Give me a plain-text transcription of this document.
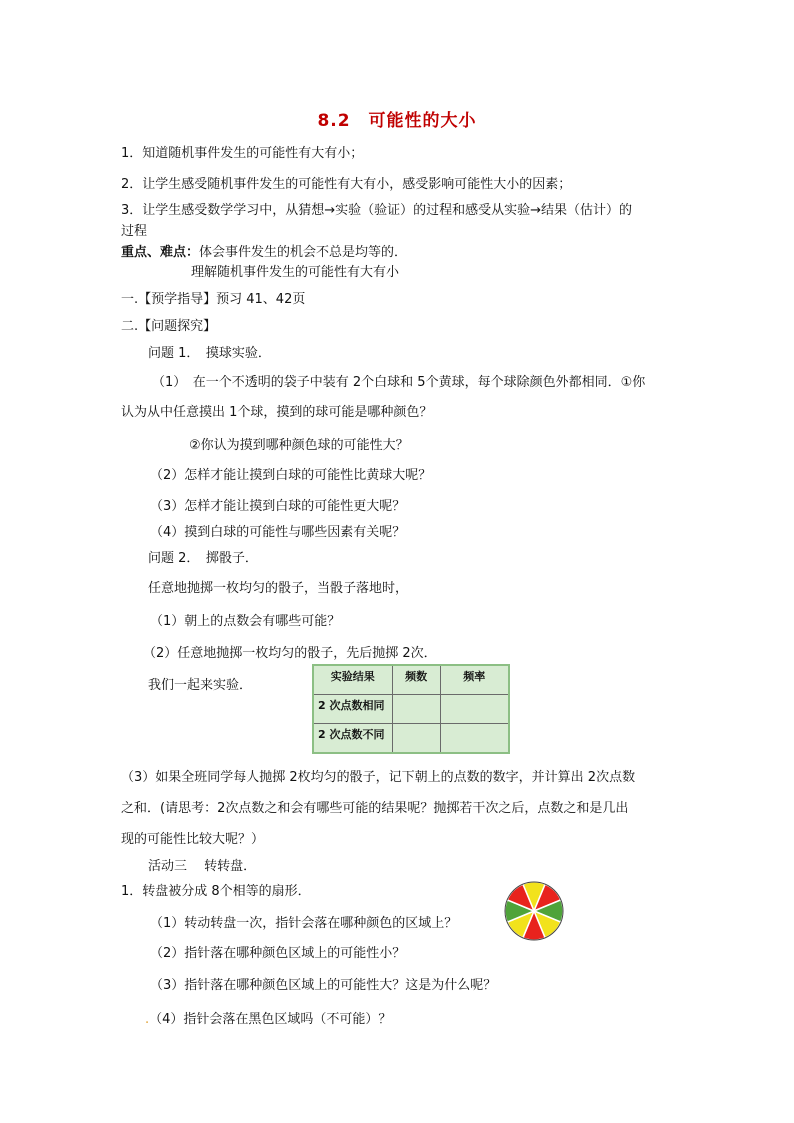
8.2　可能性的大小
1．知道随机事件发生的可能性有大有小；
2．让学生感受随机事件发生的可能性有大有小，感受影响可能性大小的因素；
3．让学生感受数学学习中，从猜想→实验（验证）的过程和感受从实验→结果（估计）的
过程
重点、难点：体会事件发生的机会不总是均等的．
理解随机事件发生的可能性有大有小
一.【预学指导】预习 41、42页
二.【问题探究】
问题 1．　摸球实验．
（1）　在一个不透明的袋子中装有 2个白球和 5个黄球，每个球除颜色外都相同．①你
认为从中任意摸出 1个球，摸到的球可能是哪种颜色？
②你认为摸到哪种颜色球的可能性大？
（2）怎样才能让摸到白球的可能性比黄球大呢？
（3）怎样才能让摸到白球的可能性更大呢？
（4）摸到白球的可能性与哪些因素有关呢？
问题 2．　掷骰子．
任意地抛掷一枚均匀的骰子，当骰子落地时，
（1）朝上的点数会有哪些可能？
（2）任意地抛掷一枚均匀的骰子，先后抛掷 2次．
我们一起来实验．
实验结果	频数	频率
2 次点数相同		
2 次点数不同		
（3）如果全班同学每人抛掷 2枚均匀的骰子，记下朝上的点数的数字，并计算出 2次点数
之和．(请思考：2次点数之和会有哪些可能的结果呢？抛掷若干次之后，点数之和是几出
现的可能性比较大呢？）
活动三　 转转盘．
1．转盘被分成 8个相等的扇形．
（1）转动转盘一次，指针会落在哪种颜色的区域上？
（2）指针落在哪种颜色区域上的可能性小？
（3）指针落在哪种颜色区域上的可能性大？这是为什么呢？
.（4）指针会落在黑色区域吗（不可能）？
